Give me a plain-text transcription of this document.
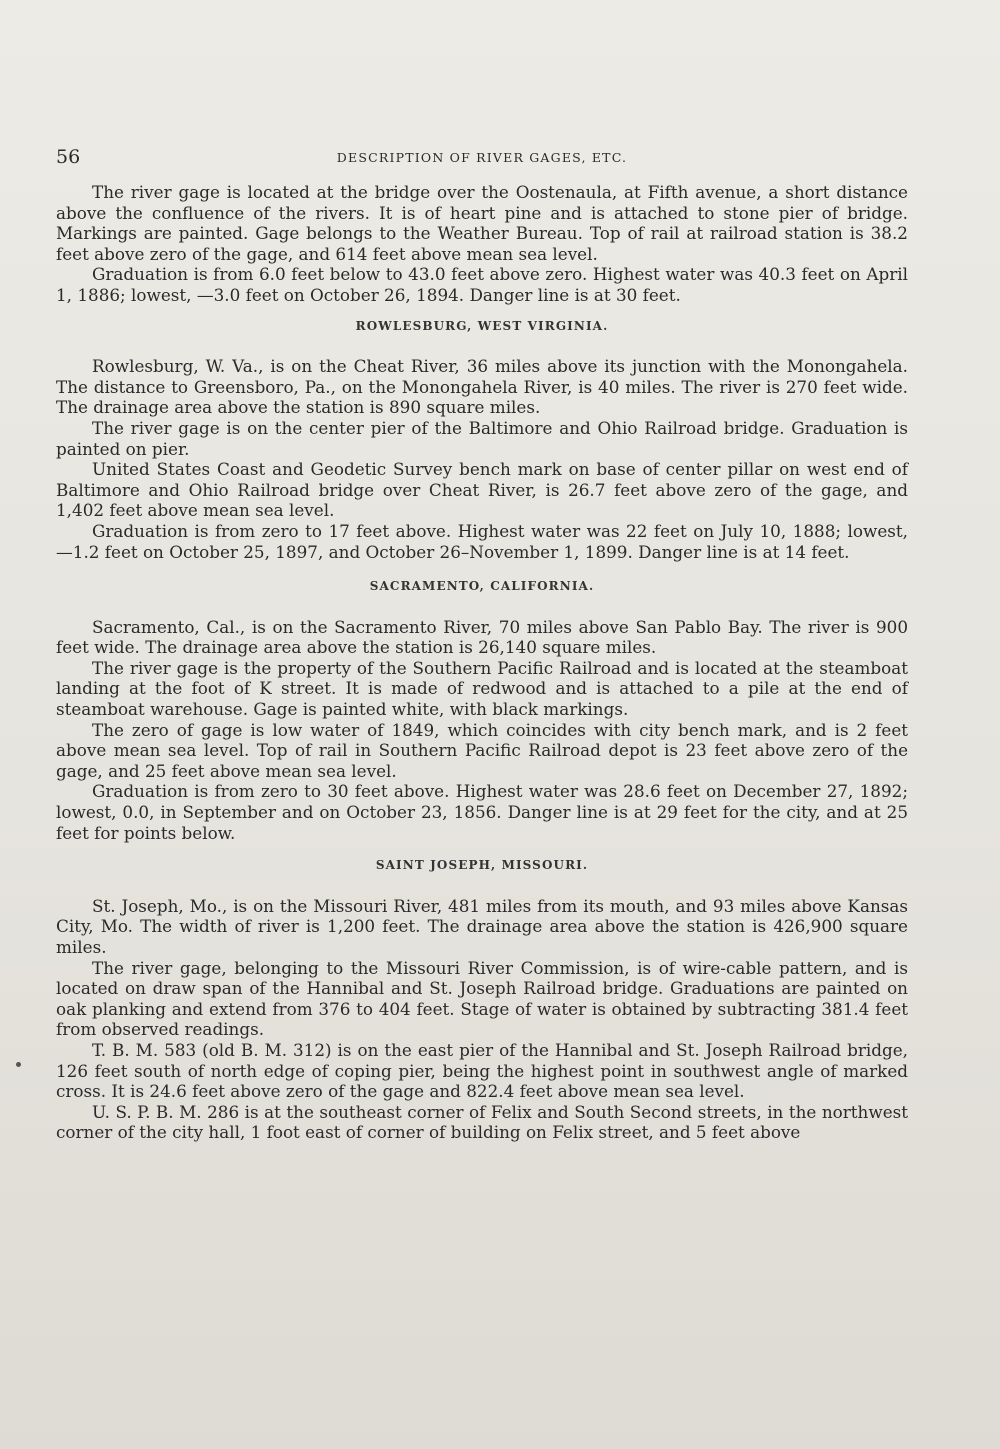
56	DESCRIPTION OF RIVER GAGES, ETC.

The river gage is located at the bridge over the Oostenaula, at Fifth avenue, a short distance above the confluence of the rivers. It is of heart pine and is attached to stone pier of bridge. Markings are painted. Gage belongs to the Weather Bureau. Top of rail at railroad station is 38.2 feet above zero of the gage, and 614 feet above mean sea level.

Graduation is from 6.0 feet below to 43.0 feet above zero. Highest water was 40.3 feet on April 1, 1886; lowest, —3.0 feet on October 26, 1894. Danger line is at 30 feet.

ROWLESBURG, WEST VIRGINIA.

Rowlesburg, W. Va., is on the Cheat River, 36 miles above its junction with the Monongahela. The distance to Greensboro, Pa., on the Monongahela River, is 40 miles. The river is 270 feet wide. The drainage area above the station is 890 square miles.

The river gage is on the center pier of the Baltimore and Ohio Railroad bridge. Graduation is painted on pier.

United States Coast and Geodetic Survey bench mark on base of center pillar on west end of Baltimore and Ohio Railroad bridge over Cheat River, is 26.7 feet above zero of the gage, and 1,402 feet above mean sea level.

Graduation is from zero to 17 feet above. Highest water was 22 feet on July 10, 1888; lowest, —1.2 feet on October 25, 1897, and October 26–November 1, 1899. Danger line is at 14 feet.

SACRAMENTO, CALIFORNIA.

Sacramento, Cal., is on the Sacramento River, 70 miles above San Pablo Bay. The river is 900 feet wide. The drainage area above the station is 26,140 square miles.

The river gage is the property of the Southern Pacific Railroad and is located at the steamboat landing at the foot of K street. It is made of redwood and is attached to a pile at the end of steamboat warehouse. Gage is painted white, with black markings.

The zero of gage is low water of 1849, which coincides with city bench mark, and is 2 feet above mean sea level. Top of rail in Southern Pacific Railroad depot is 23 feet above zero of the gage, and 25 feet above mean sea level.

Graduation is from zero to 30 feet above. Highest water was 28.6 feet on December 27, 1892; lowest, 0.0, in September and on October 23, 1856. Danger line is at 29 feet for the city, and at 25 feet for points below.

SAINT JOSEPH, MISSOURI.

St. Joseph, Mo., is on the Missouri River, 481 miles from its mouth, and 93 miles above Kansas City, Mo. The width of river is 1,200 feet. The drainage area above the station is 426,900 square miles.

The river gage, belonging to the Missouri River Commission, is of wire-cable pattern, and is located on draw span of the Hannibal and St. Joseph Railroad bridge. Graduations are painted on oak planking and extend from 376 to 404 feet. Stage of water is obtained by subtracting 381.4 feet from observed readings.

T. B. M. 583 (old B. M. 312) is on the east pier of the Hannibal and St. Joseph Railroad bridge, 126 feet south of north edge of coping pier, being the highest point in southwest angle of marked cross. It is 24.6 feet above zero of the gage and 822.4 feet above mean sea level.

U. S. P. B. M. 286 is at the southeast corner of Felix and South Second streets, in the northwest corner of the city hall, 1 foot east of corner of building on Felix street, and 5 feet above
